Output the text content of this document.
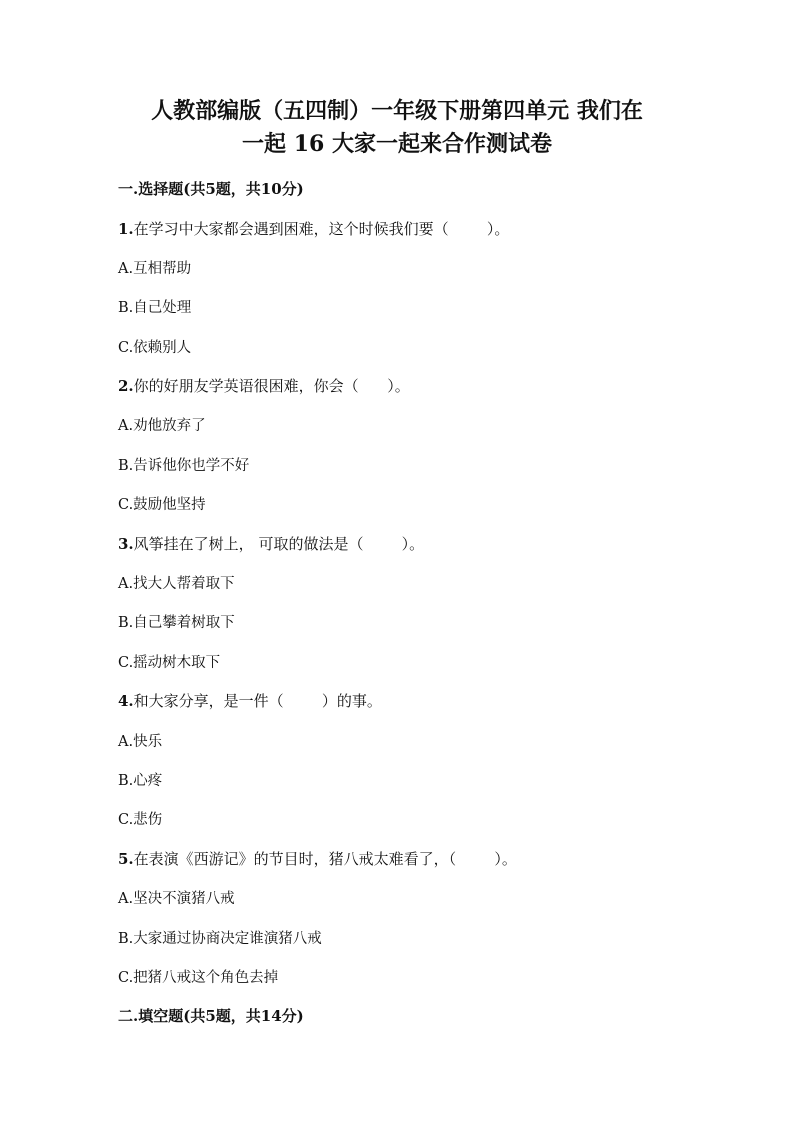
人教部编版（五四制）一年级下册第四单元 我们在
一起 16 大家一起来合作测试卷

一.选择题(共5题，共10分)

1.在学习中大家都会遇到困难，这个时候我们要（        ）。

A.互相帮助

B.自己处理

C.依赖别人

2.你的好朋友学英语很困难，你会（      ）。

A.劝他放弃了

B.告诉他你也学不好

C.鼓励他坚持

3.风筝挂在了树上， 可取的做法是（        ）。

A.找大人帮着取下

B.自己攀着树取下

C.摇动树木取下

4.和大家分享，是一件（        ）的事。

A.快乐

B.心疼

C.悲伤

5.在表演《西游记》的节目时，猪八戒太难看了，（        ）。

A.坚决不演猪八戒

B.大家通过协商决定谁演猪八戒

C.把猪八戒这个角色去掉

二.填空题(共5题，共14分)
